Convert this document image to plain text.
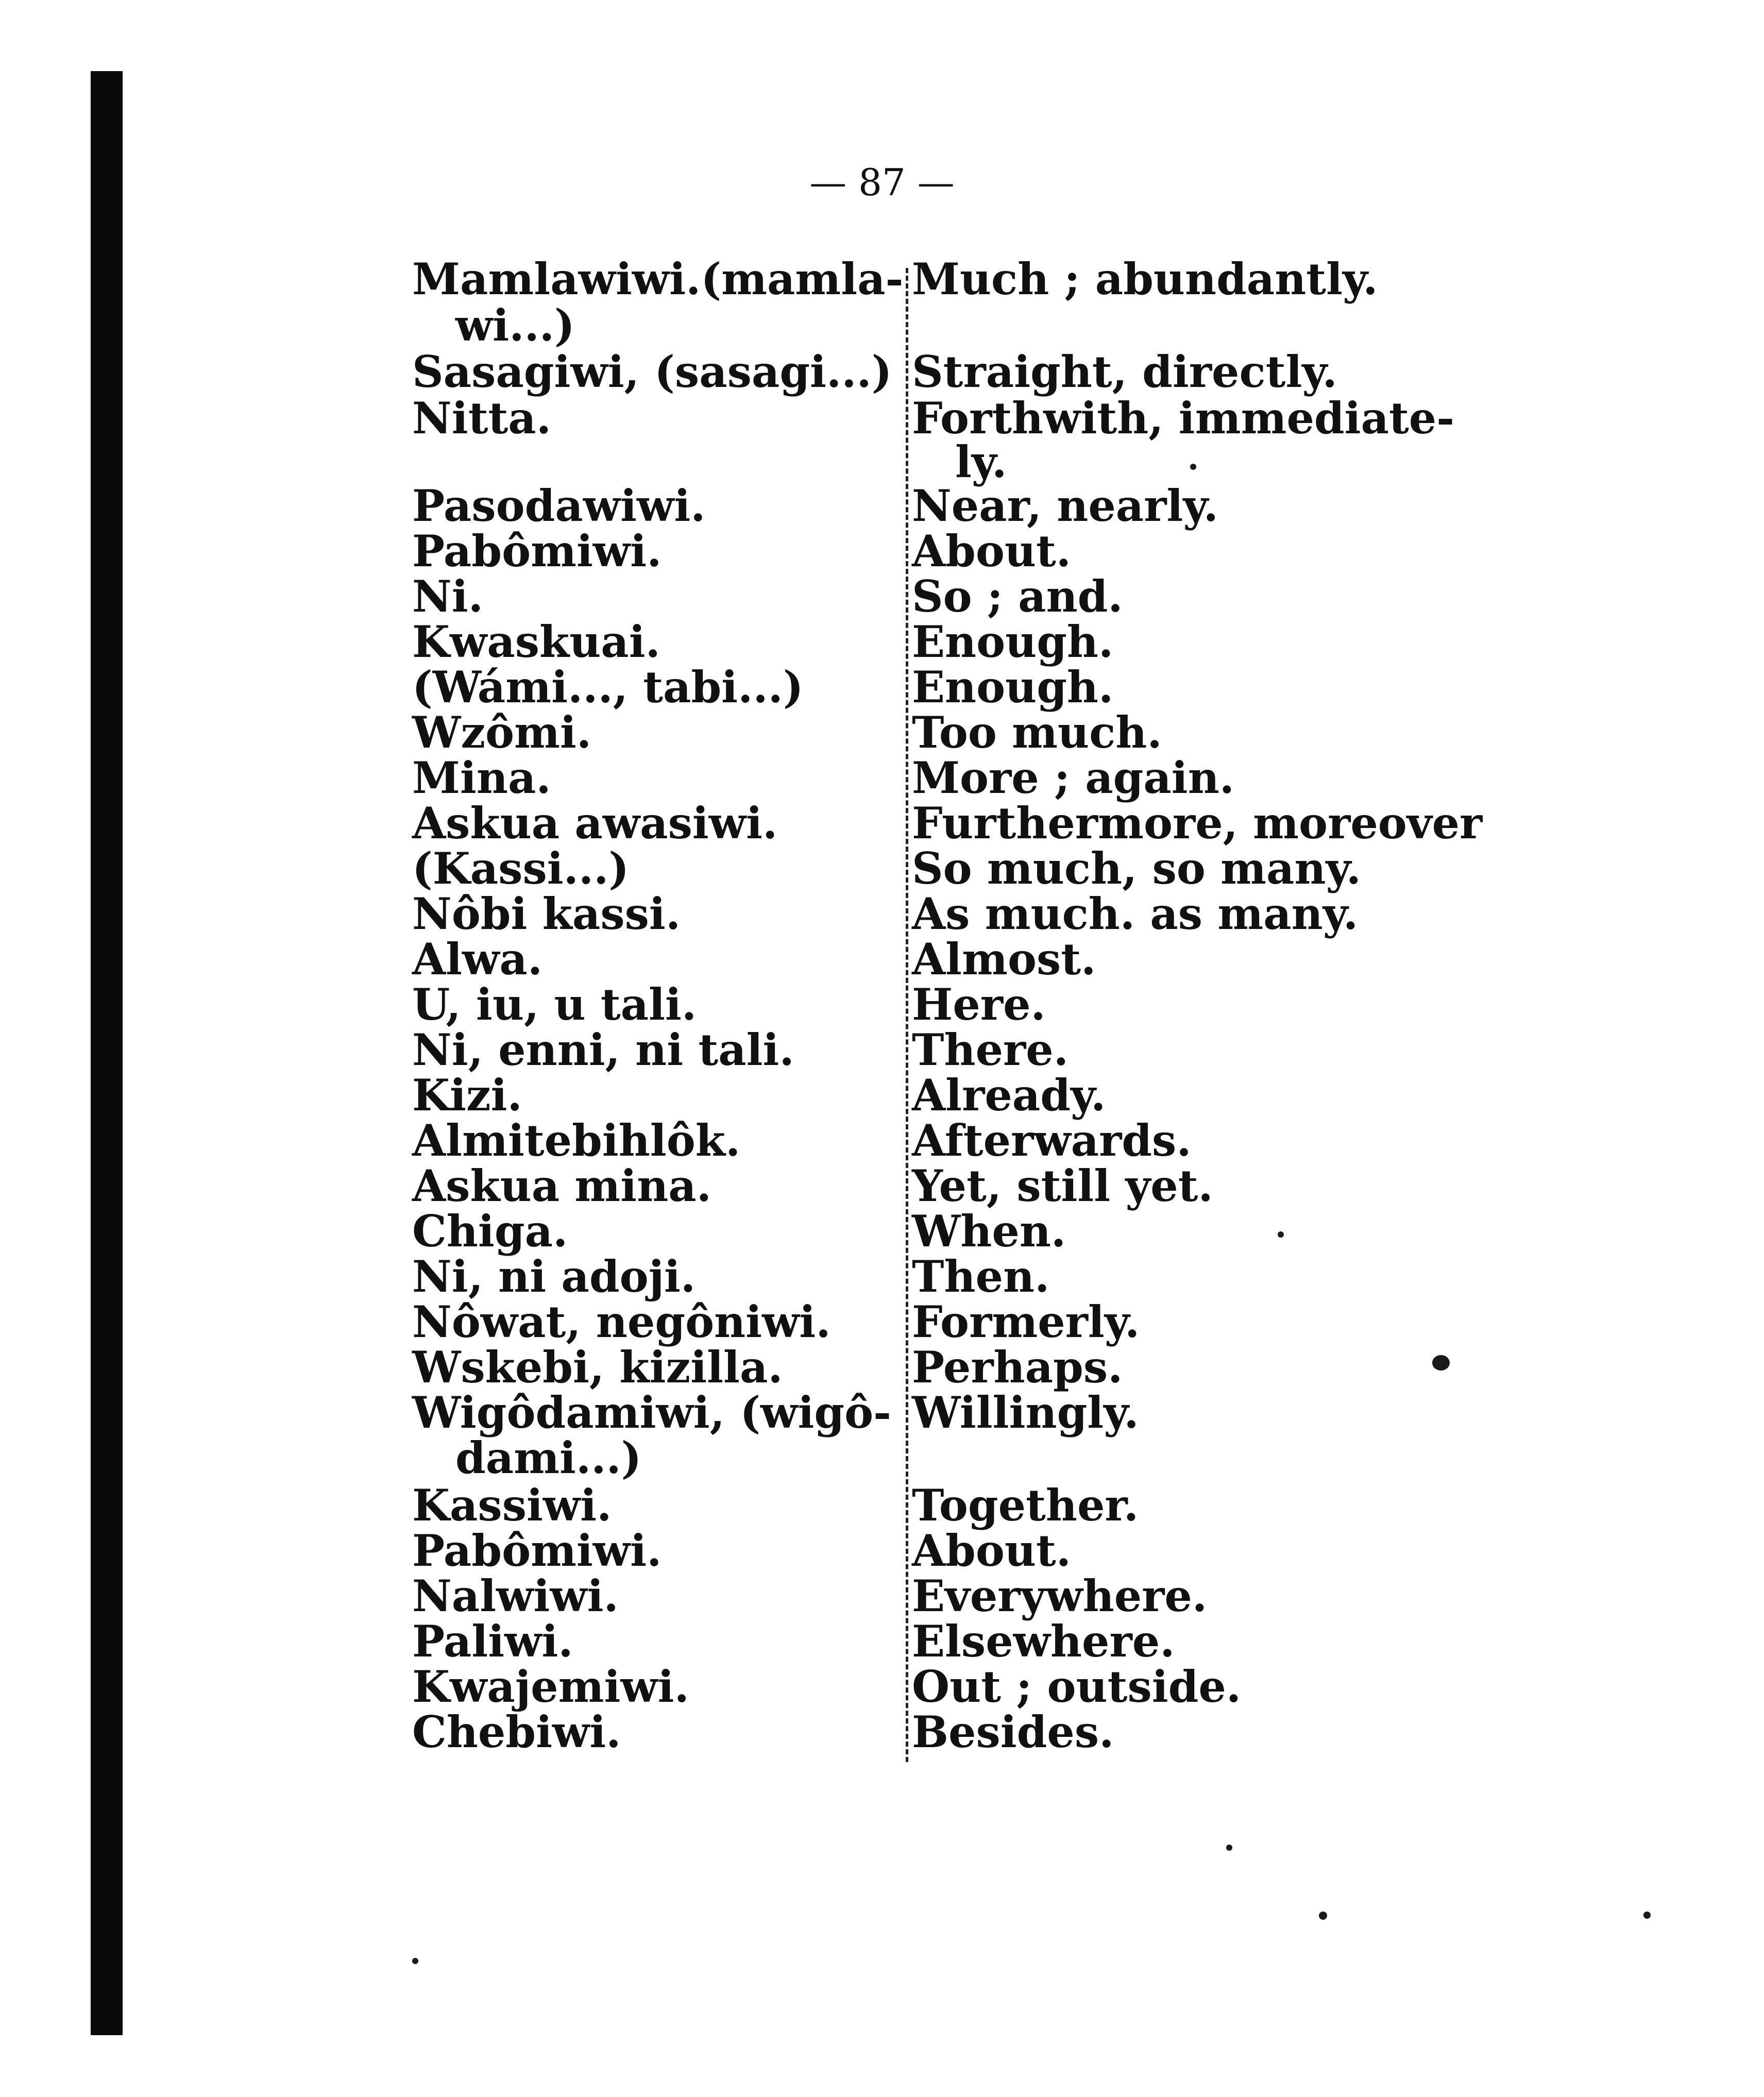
— 87 —
Mamlawiwi. (mamla-
wi...)
Sasagiwi, (sasagi...)
Nitta.
Pasodawiwi.
Pabômiwi.
Ni.
Kwaskuai.
(Wámi..., tabi...)
Wzômi.
Mina.
Askua awasiwi.
(Kassi...)
Nôbi kassi.
Alwa.
U, iu, u tali.
Ni, enni, ni tali.
Kizi.
Almitebihlôk.
Askua mina.
Chiga.
Ni, ni adoji.
Nôwat, negôniwi.
Wskebi, kizilla.
Wigôdamiwi, (wigô-
dami...)
Kassiwi.
Pabômiwi.
Nalwiwi.
Paliwi.
Kwajemiwi.
Chebiwi.
Much ; abundantly.
Straight, directly.
Forthwith, immediate-
ly.
Near, nearly.
About.
So ; and.
Enough.
Enough.
Too much.
More ; again.
Furthermore, moreover
So much, so many.
As much. as many.
Almost.
Here.
There.
Already.
Afterwards.
Yet, still yet.
When.
Then.
Formerly.
Perhaps.
Willingly.
Together.
About.
Everywhere.
Elsewhere.
Out ; outside.
Besides.
